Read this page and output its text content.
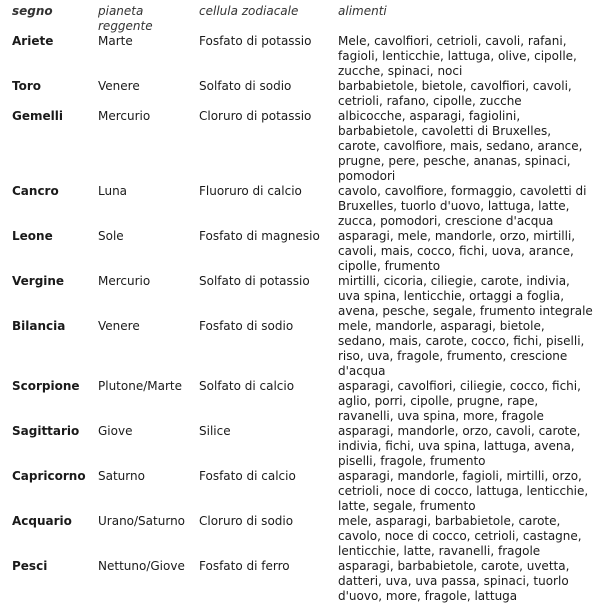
segno	pianeta reggente	cellula zodiacale	alimenti
Ariete	Marte	Fosfato di potassio	Mele, cavolfiori, cetrioli, cavoli, rafani, fagioli, lenticchie, lattuga, olive, cipolle, zucche, spinaci, noci
Toro	Venere	Solfato di sodio	barbabietole, bietole, cavolfiori, cavoli, cetrioli, rafano, cipolle, zucche
Gemelli	Mercurio	Cloruro di potassio	albicocche, asparagi, fagiolini, barbabietole, cavoletti di Bruxelles, carote, cavolfiore, mais, sedano, arance, prugne, pere, pesche, ananas, spinaci, pomodori
Cancro	Luna	Fluoruro di calcio	cavolo, cavolfiore, formaggio, cavoletti di Bruxelles, tuorlo d'uovo, lattuga, latte, zucca, pomodori, crescione d'acqua
Leone	Sole	Fosfato di magnesio	asparagi, mele, mandorle, orzo, mirtilli, cavoli, mais, cocco, fichi, uova, arance, cipolle, frumento
Vergine	Mercurio	Solfato di potassio	mirtilli, cicoria, ciliegie, carote, indivia, uva spina, lenticchie, ortaggi a foglia, avena, pesche, segale, frumento integrale
Bilancia	Venere	Fosfato di sodio	mele, mandorle, asparagi, bietole, sedano, mais, carote, cocco, fichi, piselli, riso, uva, fragole, frumento, crescione d'acqua
Scorpione	Plutone/Marte	Solfato di calcio	asparagi, cavolfiori, ciliegie, cocco, fichi, aglio, porri, cipolle, prugne, rape, ravanelli, uva spina, more, fragole
Sagittario	Giove	Silice	asparagi, mandorle, orzo, cavoli, carote, indivia, fichi, uva spina, lattuga, avena, piselli, fragole, frumento
Capricorno	Saturno	Fosfato di calcio	asparagi, mandorle, fagioli, mirtilli, orzo, cetrioli, noce di cocco, lattuga, lenticchie, latte, segale, frumento
Acquario	Urano/Saturno	Cloruro di sodio	mele, asparagi, barbabietole, carote, cavolo, noce di cocco, cetrioli, castagne, lenticchie, latte, ravanelli, fragole
Pesci	Nettuno/Giove	Fosfato di ferro	asparagi, barbabietole, carote, uvetta, datteri, uva, uva passa, spinaci, tuorlo d'uovo, more, fragole, lattuga
